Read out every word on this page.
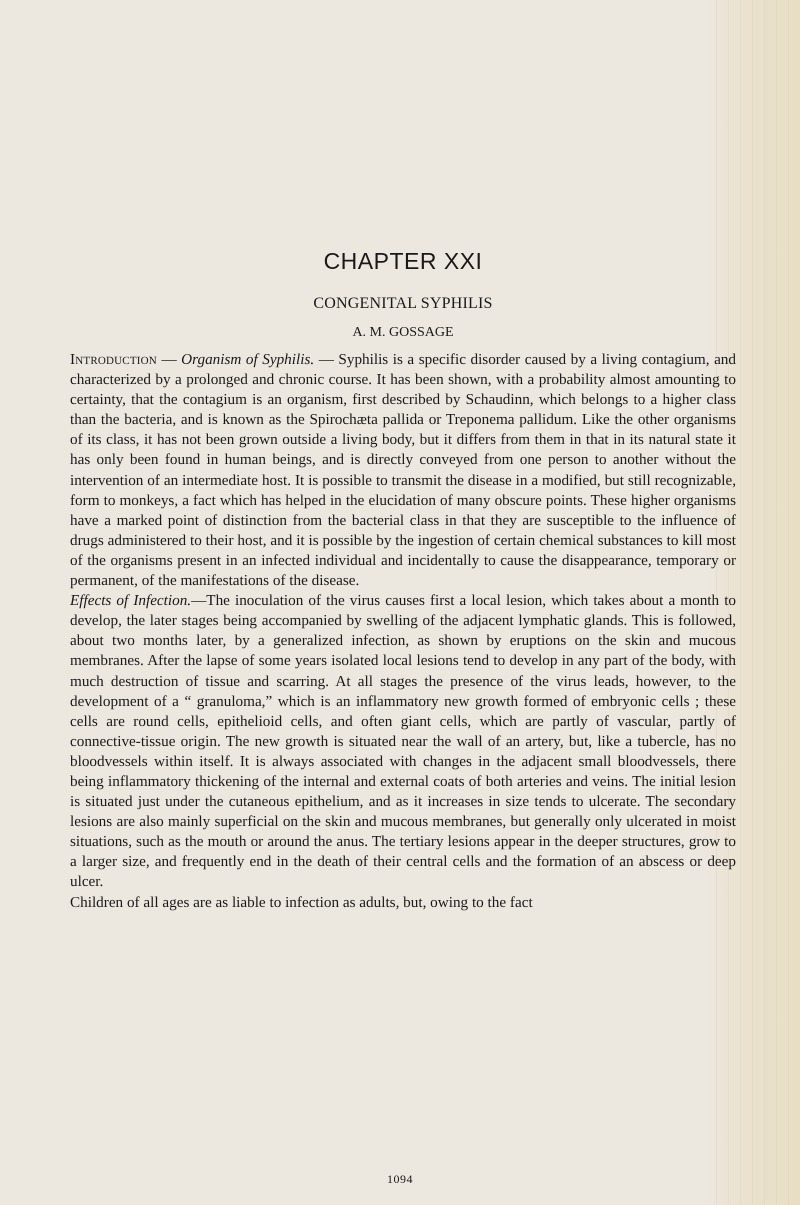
CHAPTER XXI
CONGENITAL SYPHILIS
A. M. GOSSAGE

Introduction — Organism of Syphilis. — Syphilis is a specific disorder caused by a living contagium, and characterized by a prolonged and chronic course. It has been shown, with a probability almost amounting to certainty, that the contagium is an organism, first described by Schaudinn, which belongs to a higher class than the bacteria, and is known as the Spirochæta pallida or Treponema pallidum. Like the other organisms of its class, it has not been grown outside a living body, but it differs from them in that in its natural state it has only been found in human beings, and is directly conveyed from one person to another without the intervention of an intermediate host. It is possible to transmit the disease in a modified, but still recognizable, form to monkeys, a fact which has helped in the elucidation of many obscure points. These higher organisms have a marked point of distinction from the bacterial class in that they are susceptible to the influence of drugs administered to their host, and it is possible by the ingestion of certain chemical substances to kill most of the organisms present in an infected individual and incidentally to cause the disappearance, temporary or permanent, of the manifestations of the disease.

Effects of Infection.—The inoculation of the virus causes first a local lesion, which takes about a month to develop, the later stages being accompanied by swelling of the adjacent lymphatic glands. This is followed, about two months later, by a generalized infection, as shown by eruptions on the skin and mucous membranes. After the lapse of some years isolated local lesions tend to develop in any part of the body, with much destruction of tissue and scarring. At all stages the presence of the virus leads, however, to the development of a “ granuloma,” which is an inflammatory new growth formed of embryonic cells ; these cells are round cells, epithelioid cells, and often giant cells, which are partly of vascular, partly of connective-tissue origin. The new growth is situated near the wall of an artery, but, like a tubercle, has no bloodvessels within itself. It is always associated with changes in the adjacent small bloodvessels, there being inflammatory thickening of the internal and external coats of both arteries and veins. The initial lesion is situated just under the cutaneous epithelium, and as it increases in size tends to ulcerate. The secondary lesions are also mainly superficial on the skin and mucous membranes, but generally only ulcerated in moist situations, such as the mouth or around the anus. The tertiary lesions appear in the deeper structures, grow to a larger size, and frequently end in the death of their central cells and the formation of an abscess or deep ulcer.

Children of all ages are as liable to infection as adults, but, owing to the fact

1094
